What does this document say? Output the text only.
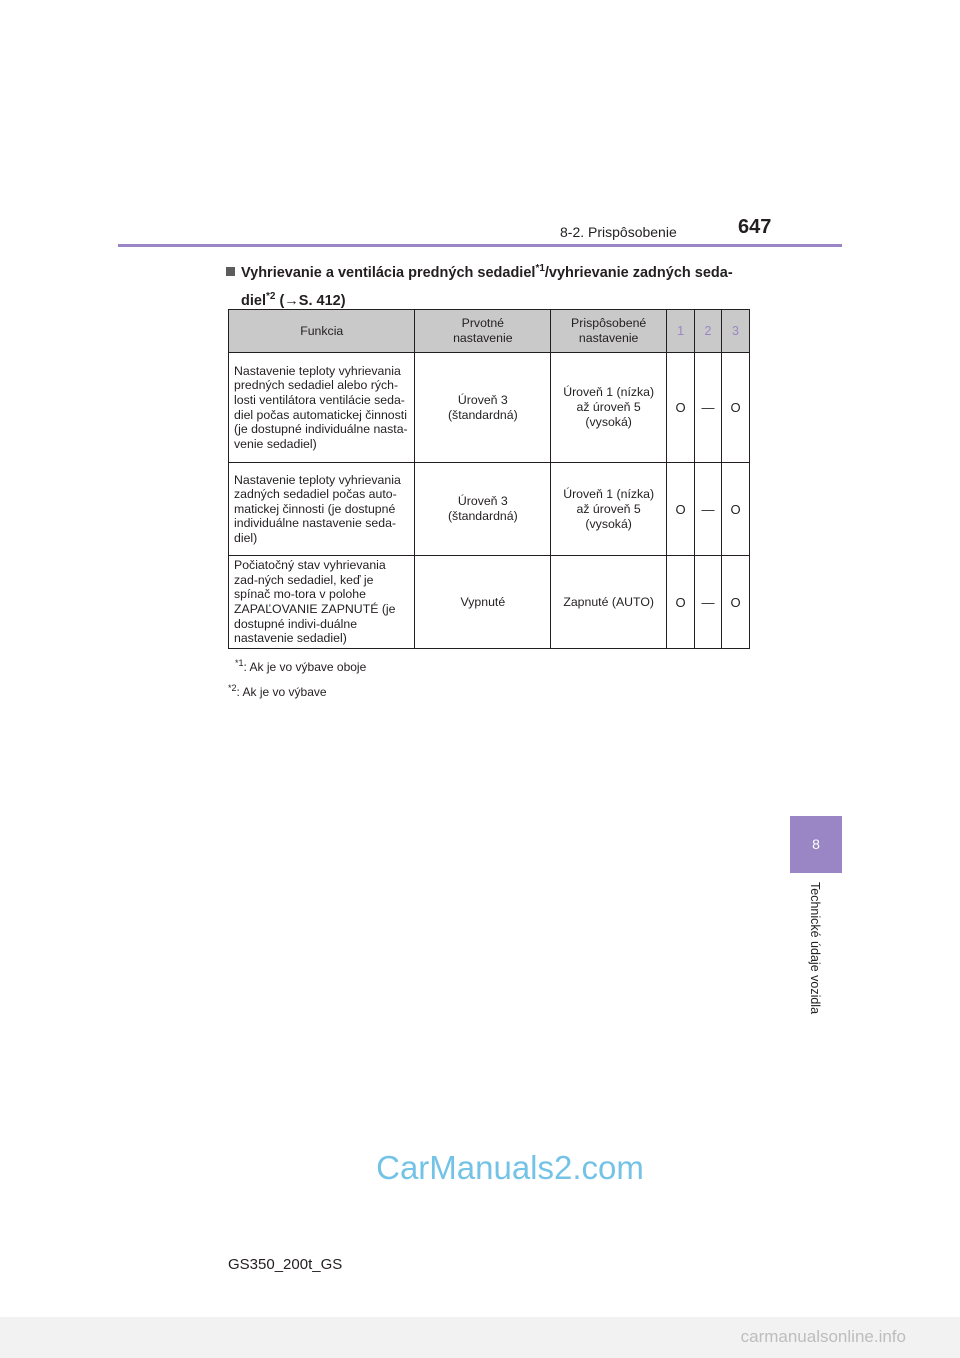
8-2. Prispôsobenie	647
Vyhrievanie a ventilácia predných sedadiel$^{*1}$/vyhrievanie zadných seda-
diel$^{*2}$ (→S. 412)
Funkcia	Prvotné nastavenie	Prispôsobené nastavenie	1	2	3
Nastavenie teploty vyhrievania predných sedadiel alebo rých-losti ventilátora ventilácie seda-diel počas automatickej činnosti (je dostupné individuálne nasta-venie sedadiel)	Úroveň 3 (štandardná)	Úroveň 1 (nízka) až úroveň 5 (vysoká)	O	—	O
Nastavenie teploty vyhrievania zadných sedadiel počas auto-matickej činnosti (je dostupné individuálne nastavenie seda-diel)	Úroveň 3 (štandardná)	Úroveň 1 (nízka) až úroveň 5 (vysoká)	O	—	O
Počiatočný stav vyhrievania zad-ných sedadiel, keď je spínač mo-tora v polohe ZAPAĽOVANIE ZAPNUTÉ (je dostupné indivi-duálne nastavenie sedadiel)	Vypnuté	Zapnuté (AUTO)	O	—	O
$^{*1}$: Ak je vo výbave oboje
$^{*2}$: Ak je vo výbave
8
Technické údaje vozidla
CarManuals2.com
GS350_200t_GS
carmanualsonline.info
